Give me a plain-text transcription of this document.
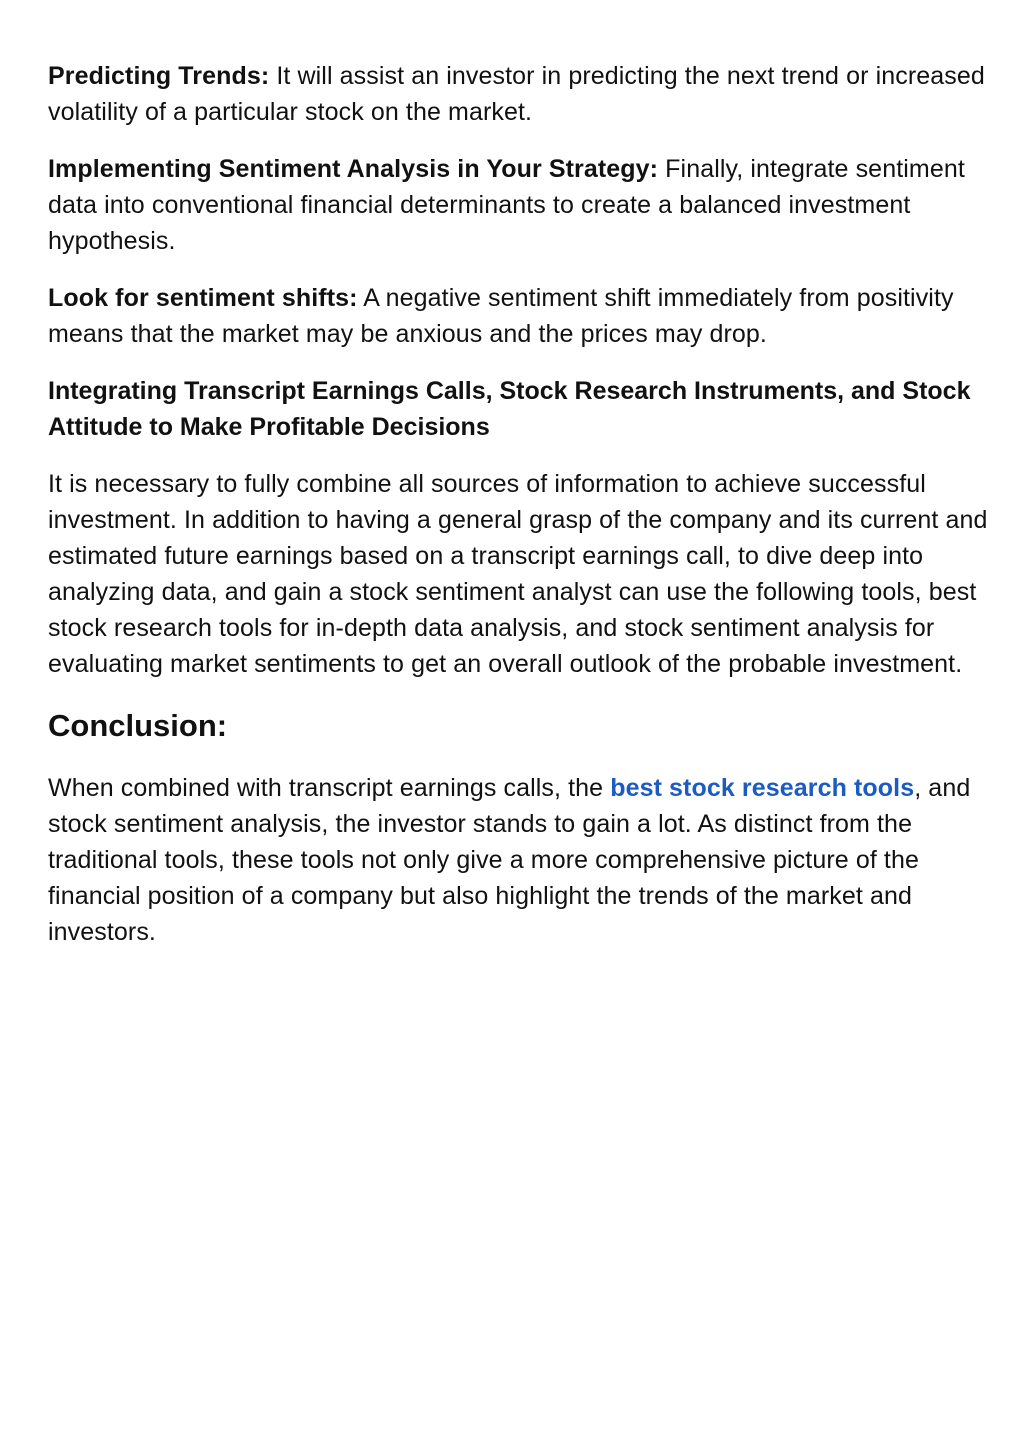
Predicting Trends: It will assist an investor in predicting the next trend or increased volatility of a particular stock on the market.

Implementing Sentiment Analysis in Your Strategy: Finally, integrate sentiment data into conventional financial determinants to create a balanced investment hypothesis.

Look for sentiment shifts: A negative sentiment shift immediately from positivity means that the market may be anxious and the prices may drop.

Integrating Transcript Earnings Calls, Stock Research Instruments, and Stock Attitude to Make Profitable Decisions

It is necessary to fully combine all sources of information to achieve successful investment. In addition to having a general grasp of the company and its current and estimated future earnings based on a transcript earnings call, to dive deep into analyzing data, and gain a stock sentiment analyst can use the following tools, best stock research tools for in-depth data analysis, and stock sentiment analysis for evaluating market sentiments to get an overall outlook of the probable investment.

Conclusion:

When combined with transcript earnings calls, the best stock research tools, and stock sentiment analysis, the investor stands to gain a lot. As distinct from the traditional tools, these tools not only give a more comprehensive picture of the financial position of a company but also highlight the trends of the market and investors.
